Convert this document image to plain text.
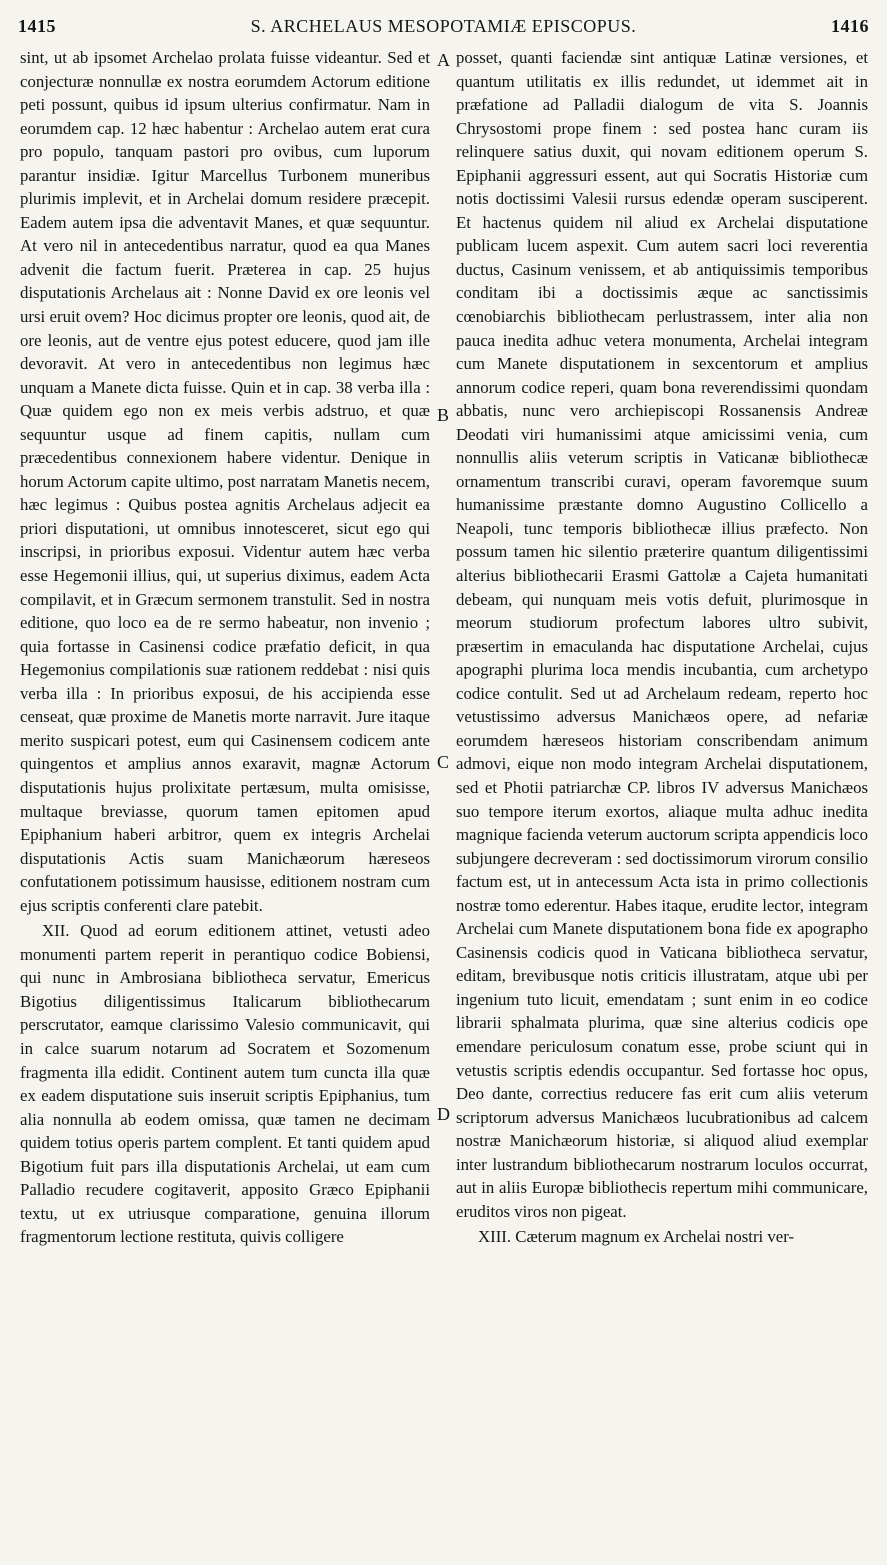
1415	S. ARCHELAUS MESOPOTAMIÆ EPISCOPUS.	1416

sint, ut ab ipsomet Archelao prolata fuisse videantur. Sed et conjecturæ nonnullæ ex nostra eorumdem Actorum editione peti possunt, quibus id ipsum ulterius confirmatur. Nam in eorumdem cap. 12 hæc habentur : Archelao autem erat cura pro populo, tanquam pastori pro ovibus, cum luporum parantur insidiæ. Igitur Marcellus Turbonem muneribus plurimis implevit, et in Archelai domum residere præcepit. Eadem autem ipsa die adventavit Manes, et quæ sequuntur. At vero nil in antecedentibus narratur, quod ea qua Manes advenit die factum fuerit. Præterea in cap. 25 hujus disputationis Archelaus ait : Nonne David ex ore leonis vel ursi eruit ovem? Hoc dicimus propter ore leonis, quod ait, de ore leonis, aut de ventre ejus potest educere, quod jam ille devoravit. At vero in antecedentibus non legimus hæc unquam a Manete dicta fuisse. Quin et in cap. 38 verba illa : Quæ quidem ego non ex meis verbis adstruo, et quæ sequuntur usque ad finem capitis, nullam cum præcedentibus connexionem habere videntur. Denique in horum Actorum capite ultimo, post narratam Manetis necem, hæc legimus : Quibus postea agnitis Archelaus adjecit ea priori disputationi, ut omnibus innotesceret, sicut ego qui inscripsi, in prioribus exposui. Videntur autem hæc verba esse Hegemonii illius, qui, ut superius diximus, eadem Acta compilavit, et in Græcum sermonem transtulit. Sed in nostra editione, quo loco ea de re sermo habeatur, non invenio ; quia fortasse in Casinensi codice præfatio deficit, in qua Hegemonius compilationis suæ rationem reddebat : nisi quis verba illa : In prioribus exposui, de his accipienda esse censeat, quæ proxime de Manetis morte narravit. Jure itaque merito suspicari potest, eum qui Casinensem codicem ante quingentos et amplius annos exaravit, magnæ Actorum disputationis hujus prolixitate pertæsum, multa omisisse, multaque breviasse, quorum tamen epitomen apud Epiphanium haberi arbitror, quem ex integris Archelai disputationis Actis suam Manichæorum hæreseos confutationem potissimum hausisse, editionem nostram cum ejus scriptis conferenti clare patebit.

XII. Quod ad eorum editionem attinet, vetusti adeo monumenti partem reperit in perantiquo codice Bobiensi, qui nunc in Ambrosiana bibliotheca servatur, Emericus Bigotius diligentissimus Italicarum bibliothecarum perscrutator, eamque clarissimo Valesio communicavit, qui in calce suarum notarum ad Socratem et Sozomenum fragmenta illa edidit. Continent autem tum cuncta illa quæ ex eadem disputatione suis inseruit scriptis Epiphanius, tum alia nonnulla ab eodem omissa, quæ tamen ne decimam quidem totius operis partem complent. Et tanti quidem apud Bigotium fuit pars illa disputationis Archelai, ut eam cum Palladio recudere cogitaverit, apposito Græco Epiphanii textu, ut ex utriusque comparatione, genuina illorum fragmentorum lectione restituta, quivis colligere

A
B
C
D

posset, quanti faciendæ sint antiquæ Latinæ versiones, et quantum utilitatis ex illis redundet, ut idemmet ait in præfatione ad Palladii dialogum de vita S. Joannis Chrysostomi prope finem : sed postea hanc curam iis relinquere satius duxit, qui novam editionem operum S. Epiphanii aggressuri essent, aut qui Socratis Historiæ cum notis doctissimi Valesii rursus edendæ operam susciperent. Et hactenus quidem nil aliud ex Archelai disputatione publicam lucem aspexit. Cum autem sacri loci reverentia ductus, Casinum venissem, et ab antiquissimis temporibus conditam ibi a doctissimis æque ac sanctissimis cœnobiarchis bibliothecam perlustrassem, inter alia non pauca inedita adhuc vetera monumenta, Archelai integram cum Manete disputationem in sexcentorum et amplius annorum codice reperi, quam bona reverendissimi quondam abbatis, nunc vero archiepiscopi Rossanensis Andreæ Deodati viri humanissimi atque amicissimi venia, cum nonnullis aliis veterum scriptis in Vaticanæ bibliothecæ ornamentum transcribi curavi, operam favoremque suum humanissime præstante domno Augustino Collicello a Neapoli, tunc temporis bibliothecæ illius præfecto. Non possum tamen hic silentio præterire quantum diligentissimi alterius bibliothecarii Erasmi Gattolæ a Cajeta humanitati debeam, qui nunquam meis votis defuit, plurimosque in meorum studiorum profectum labores ultro subivit, præsertim in emaculanda hac disputatione Archelai, cujus apographi plurima loca mendis incubantia, cum archetypo codice contulit. Sed ut ad Archelaum redeam, reperto hoc vetustissimo adversus Manichæos opere, ad nefariæ eorumdem hæreseos historiam conscribendam animum admovi, eique non modo integram Archelai disputationem, sed et Photii patriarchæ CP. libros IV adversus Manichæos suo tempore iterum exortos, aliaque multa adhuc inedita magnique facienda veterum auctorum scripta appendicis loco subjungere decreveram : sed doctissimorum virorum consilio factum est, ut in antecessum Acta ista in primo collectionis nostræ tomo ederentur. Habes itaque, erudite lector, integram Archelai cum Manete disputationem bona fide ex apographo Casinensis codicis quod in Vaticana bibliotheca servatur, editam, brevibusque notis criticis illustratam, atque ubi per ingenium tuto licuit, emendatam ; sunt enim in eo codice librarii sphalmata plurima, quæ sine alterius codicis ope emendare periculosum conatum esse, probe sciunt qui in vetustis scriptis edendis occupantur. Sed fortasse hoc opus, Deo dante, correctius reducere fas erit cum aliis veterum scriptorum adversus Manichæos lucubrationibus ad calcem nostræ Manichæorum historiæ, si aliquod aliud exemplar inter lustrandum bibliothecarum nostrarum loculos occurrat, aut in aliis Europæ bibliothecis repertum mihi communicare, eruditos viros non pigeat.

XIII. Cæterum magnum ex Archelai nostri ver-
